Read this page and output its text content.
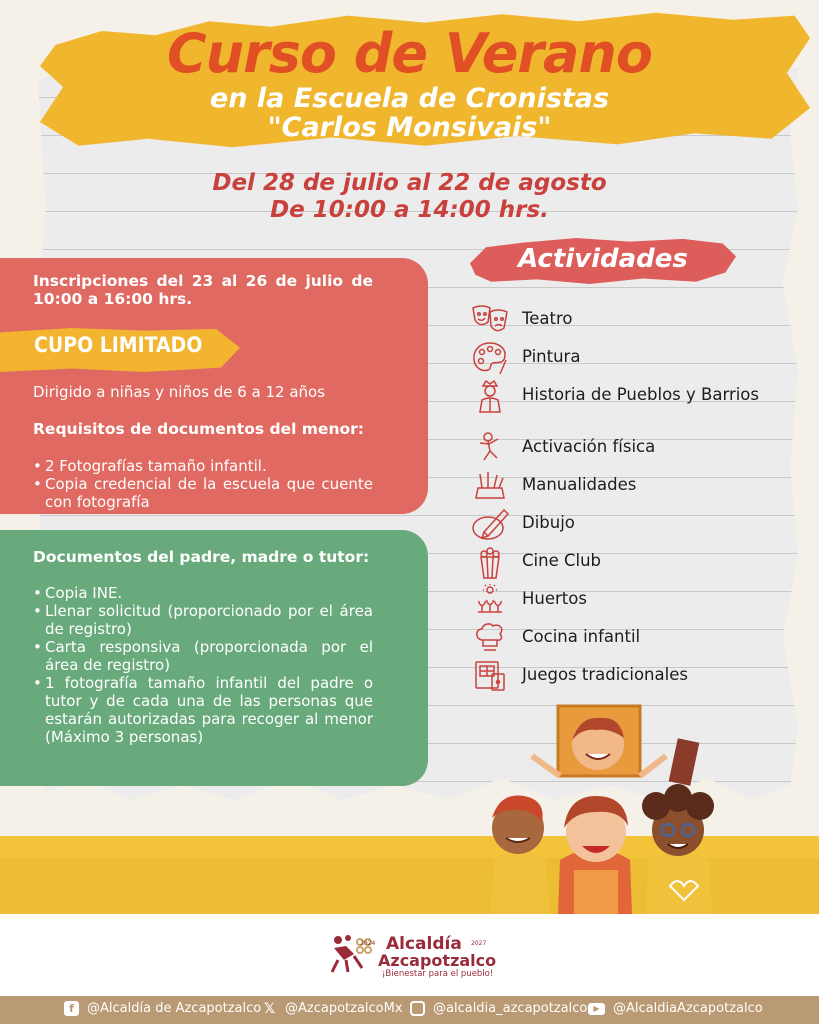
Curso de Verano
en la Escuela de Cronistas
"Carlos Monsivais"
Del 28 de julio al 22 de agosto
De 10:00 a 14:00 hrs.
Actividades
Inscripciones del 23 al 26 de julio de 10:00 a 16:00 hrs.
CUPO LIMITADO
Dirigido a niñas y niños de 6 a 12 años
Requisitos de documentos del menor:
• 2 Fotografías tamaño infantil.
• Copia credencial de la escuela que cuente con fotografía
Documentos del padre, madre o tutor:
• Copia INE.
• Llenar solicitud (proporcionado por el área de registro)
• Carta responsiva (proporcionada por el área de registro)
• 1 fotografía tamaño infantil del padre o tutor y de cada una de las personas que estarán autorizadas para recoger al menor (Máximo 3 personas)
Teatro
Pintura
Historia de Pueblos y Barrios
Activación física
Manualidades
Dibujo
Cine Club
Huertos
Cocina infantil
Juegos tradicionales
2024 Alcaldía 2027
Azcapotzalco
¡Bienestar para el pueblo!
f	@Alcaldía de Azcapotzalco 𝕏 @AzcapotzalcoMx @alcaldia_azcapotzalco ▶	@AlcaldiaAzcapotzalco
